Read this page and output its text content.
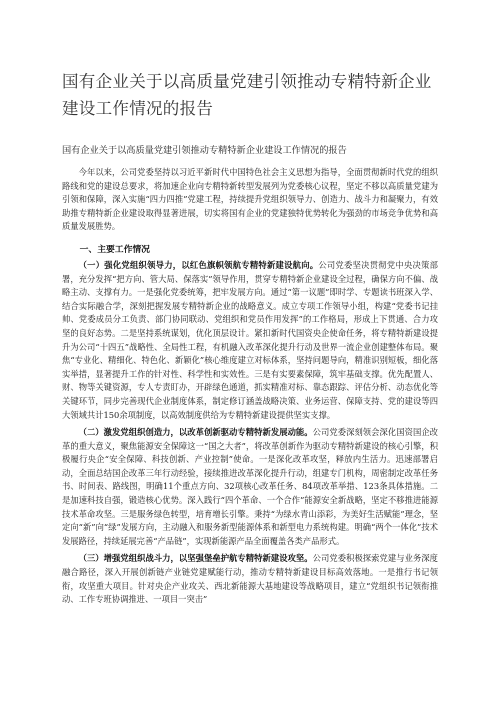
国有企业关于以高质量党建引领推动专精特新企业建设工作情况的报告
国有企业关于以高质量党建引领推动专精特新企业建设工作情况的报告

今年以来，公司党委坚持以习近平新时代中国特色社会主义思想为指导，全面贯彻新时代党的组织路线和党的建设总要求，将加速企业向专精特新转型发展列为党委核心议程，坚定不移以高质量党建为引领和保障，深入实施“四力四推”党建工程，持续提升党组织领导力、创造力、战斗力和凝聚力，有效助推专精特新企业建设取得显著进展，切实将国有企业的党建独特优势转化为强劲的市场竞争优势和高质量发展胜势。

一、主要工作情况

（一）强化党组织领导力，以红色旗帜领航专精特新建设航向。公司党委坚决贯彻党中央决策部署，充分发挥“把方向、管大局、保落实”领导作用，贯穿专精特新企业建设全过程，确保方向不偏、战略主动、支撑有力。一是强化党委统筹，把牢发展方向。通过“第一议题”即时学、专题读书班深入学、结合实际融合学，深刻把握发展专精特新企业的战略意义。成立专项工作领导小组，构建“党委书记挂帅、党委成员分工负责、部门协同联动、党组织和党员作用发挥”的工作格局，形成上下贯通、合力攻坚的良好态势。二是坚持系统谋划，优化顶层设计。紧扣新时代国资央企使命任务，将专精特新建设提升为公司“十四五”战略性、全局性工程，有机融入改革深化提升行动及世界一流企业创建整体布局。聚焦“专业化、精细化、特色化、新颖化”核心维度建立对标体系，坚持问题导向，精准识别短板，细化落实举措，显著提升工作的针对性、科学性和实效性。三是有实要素保障，筑牢基础支撑。优先配置人、财、物等关键资源，专人专责盯办，开辟绿色通道，抓实精准对标、靠态跟踪、评估分析、动态优化等关键环节，同步完善现代企业制度体系，制定修订涵盖战略决策、业务运营、保障支持、党的建设等四大领域共计150余项制度，以高效制度供给为专精特新建设提供坚实支撑。

（二）激发党组织创造力，以改革创新驱动专精特新发展动能。公司党委深刻领会深化国资国企改革的重大意义，聚焦能源安全保障这一“国之大者”，将改革创新作为驱动专精特新建设的核心引擎，积极履行央企“安全保障、科技创新、产业控制”使命。一是深化改革攻坚，释放内生活力。迅速部署启动，全面总结国企改革三年行动经验，接续推进改革深化提升行动，组建专门机构，周密制定改革任务书、时间表、路线图，明确11个重点方向、32项核心改革任务、84项改革举措、123条具体措施。二是加速科技自强，锻造核心优势。深入践行“四个革命、一个合作”能源安全新战略，坚定不移推进能源技术革命攻坚。三是服务绿色转型，培育增长引擎。秉持“为绿水青山添彩，为美好生活赋能”理念，坚定向“新”向“绿”发展方向，主动融入和服务新型能源体系和新型电力系统构建。明确“两个一体化”技术发展路径，持续延展完善“产品链”，实现新能源产品全面覆盖各类产品形式。

（三）增强党组织战斗力，以坚强堡垒护航专精特新建设攻坚。公司党委积极探索党建与业务深度融合路径，深入开展创新链产业链党建赋能行动，推动专精特新建设目标高效落地。一是推行书记领衔，攻坚重大项目。针对央企产业攻关、西北新能源大基地建设等战略项目，建立“党组织书记领衔推动、工作专班协调推进、一项目一突击”
